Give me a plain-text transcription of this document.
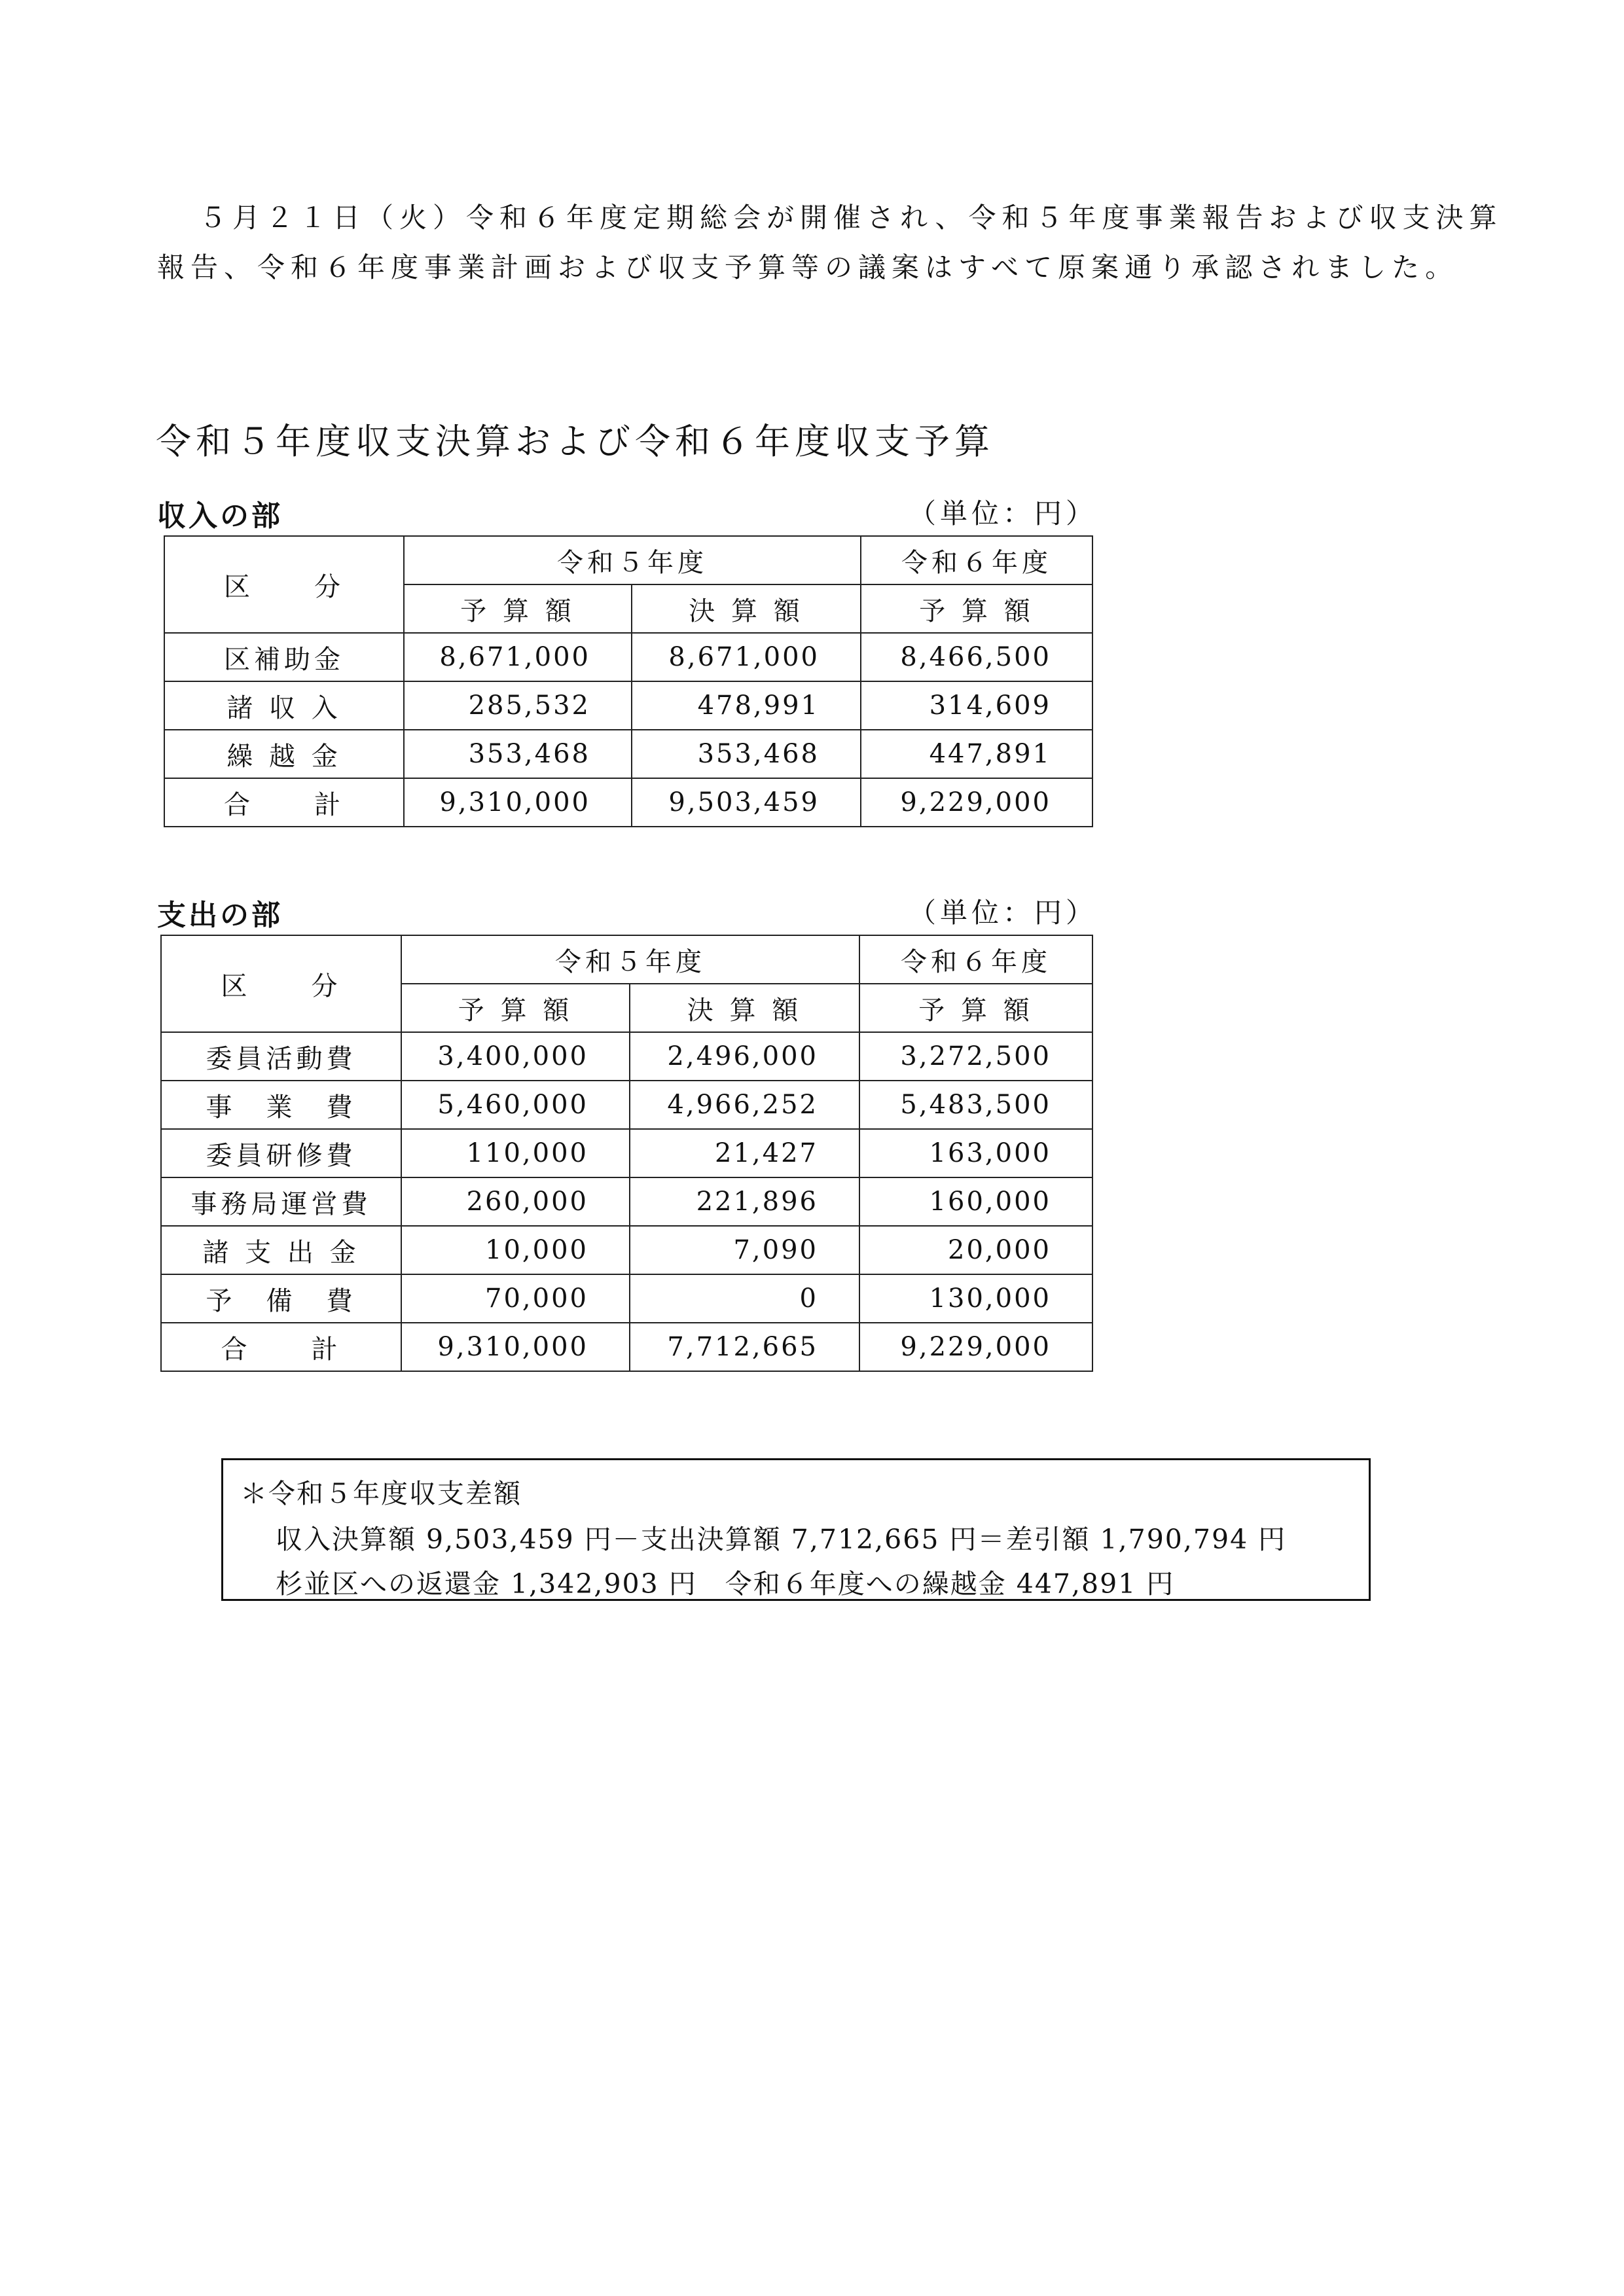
５月２１日（火）令和６年度定期総会が開催され、令和５年度事業報告および収支決算
報告、令和６年度事業計画および収支予算等の議案はすべて原案通り承認されました。

令和５年度収支決算および令和６年度収支予算
収入の部	（単位：円）

区　　分	令和５年度		令和６年度
	予 算 額	決 算 額	予 算 額
区補助金	8,671,000	8,671,000	8,466,500
諸 収 入	285,532	478,991	314,609
繰 越 金	353,468	353,468	447,891
合　　計	9,310,000	9,503,459	9,229,000
支出の部	（単位：円）

区　　分	令和５年度		令和６年度
	予 算 額	決 算 額	予 算 額
委員活動費	3,400,000	2,496,000	3,272,500
事　業　費	5,460,000	4,966,252	5,483,500
委員研修費	110,000	21,427	163,000
事務局運営費	260,000	221,896	160,000
諸 支 出 金	10,000	7,090	20,000
予　備　費	70,000	0	130,000
合　　計	9,310,000	7,712,665	9,229,000
＊令和５年度収支差額
収入決算額 9,503,459 円－支出決算額 7,712,665 円＝差引額 1,790,794 円
杉並区への返還金 1,342,903 円　令和６年度への繰越金 447,891 円
